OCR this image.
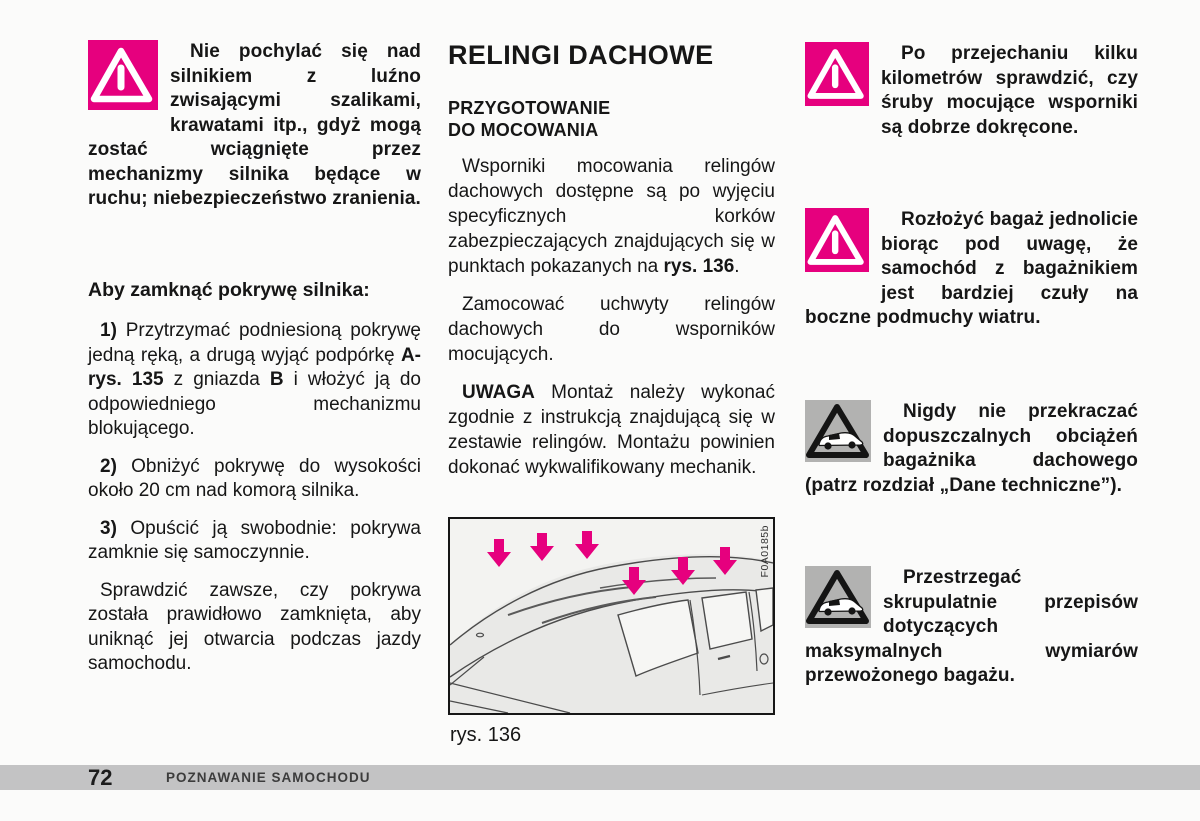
Nie pochylać się nad silnikiem z luźno zwisającymi szalikami, krawatami itp., gdyż mogą zostać wciągnięte przez mechanizmy silnika będące w ruchu; niebezpieczeństwo zranienia.

Aby zamknąć pokrywę silnika:

1) Przytrzymać podniesioną pokrywę jedną ręką, a drugą wyjąć podpórkę A-rys. 135 z gniazda B i włożyć ją do odpowiedniego mechanizmu blokującego.

2) Obniżyć pokrywę do wysokości około 20 cm nad komorą silnika.

3) Opuścić ją swobodnie: pokrywa zamknie się samoczynnie.

Sprawdzić zawsze, czy pokrywa została prawidłowo zamknięta, aby uniknąć jej otwarcia podczas jazdy samochodu.

RELINGI DACHOWE
PRZYGOTOWANIE
DO MOCOWANIA

Wsporniki mocowania relingów dachowych dostępne są po wyjęciu specyficznych korków zabezpieczających znajdujących się w punktach pokazanych na rys. 136.

Zamocować uchwyty relingów dachowych do wsporników mocujących.

UWAGA Montaż należy wykonać zgodnie z instrukcją znajdującą się w zestawie relingów. Montażu powinien dokonać wykwalifikowany mechanik.

F0A0185b
rys. 136

Po przejechaniu kilku kilometrów sprawdzić, czy śruby mocujące wsporniki są dobrze dokręcone.

Rozłożyć bagaż jednolicie biorąc pod uwagę, że samochód z bagażnikiem jest bardziej czuły na boczne podmuchy wiatru.

Nigdy nie przekraczać dopuszczalnych obciążeń bagażnika dachowego (patrz rozdział „Dane techniczne”).

Przestrzegać skrupulatnie przepisów dotyczących maksymalnych wymiarów przewożonego bagażu.

72	POZNAWANIE SAMOCHODU
